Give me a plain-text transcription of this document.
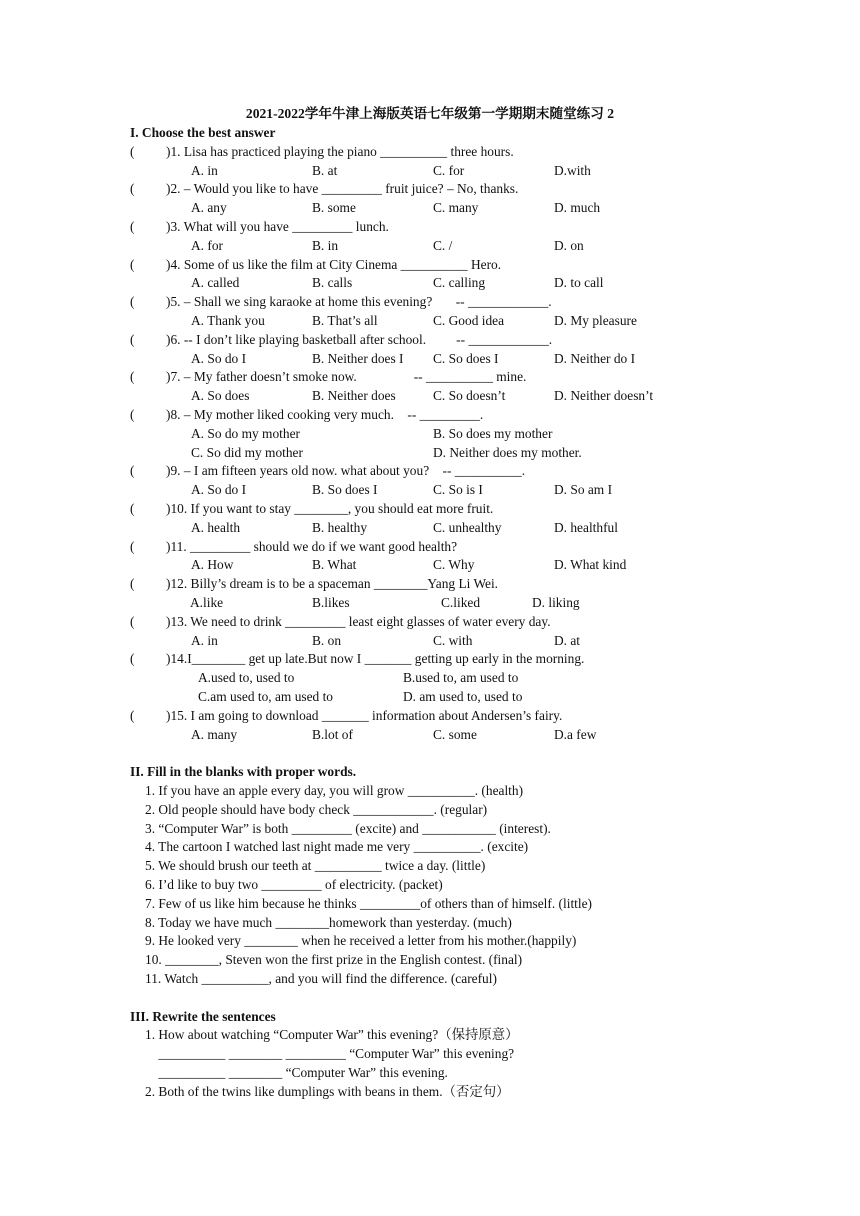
2021-2022学年牛津上海版英语七年级第一学期期末随堂练习 2
I. Choose the best answer
( )1. Lisa has practiced playing the piano __________ three hours.
A. in	B. at	C. for	D.with
( )2. – Would you like to have _________ fruit juice? – No, thanks.
A. any	B. some	C. many	D. much
( )3. What will you have _________ lunch.
A. for	B. in	C. /	D. on
( )4. Some of us like the film at City Cinema __________ Hero.
A. called	B. calls	C. calling	D. to call
( )5. – Shall we sing karaoke at home this evening?       -- ____________.
A. Thank you	B. That’s all	C. Good idea	D. My pleasure
( )6. -- I don’t like playing basketball after school.         -- ____________.
A. So do I	B. Neither does I C. So does I	D. Neither do I
( )7. – My father doesn’t smoke now.                 -- __________ mine.
A. So does	B. Neither does	C. So doesn’t	D. Neither doesn’t
( )8. – My mother liked cooking very much.    -- _________.
A. So do my mother	B. So does my mother
C. So did my mother	D. Neither does my mother.
( )9. – I am fifteen years old now. what about you?    -- __________.
A. So do I	B. So does I	C. So is I	D. So am I
( )10. If you want to stay ________, you should eat more fruit.
A. health	B. healthy	C. unhealthy	D. healthful
( )11. _________ should we do if we want good health?
A. How	B. What	C. Why	D. What kind
( )12. Billy’s dream is to be a spaceman ________Yang Li Wei.
A.like	B.likes	C.liked	D. liking
( )13. We need to drink _________ least eight glasses of water every day.
A. in	B. on	C. with	D. at
( )14.I________ get up late.But now I _______ getting up early in the morning.
A.used to, used to	B.used to, am used to
C.am used to, am used to	D. am used to, used to
( )15. I am going to download _______ information about Andersen’s fairy.
A. many	B.lot of	C. some	D.a few
II. Fill in the blanks with proper words.
1. If you have an apple every day, you will grow __________. (health)
2. Old people should have body check ____________. (regular)
3. “Computer War” is both _________ (excite) and ___________ (interest).
4. The cartoon I watched last night made me very __________. (excite)
5. We should brush our teeth at __________ twice a day. (little)
6. I’d like to buy two _________ of electricity. (packet)
7. Few of us like him because he thinks _________of others than of himself. (little)
8. Today we have much ________homework than yesterday. (much)
9. He looked very ________ when he received a letter from his mother.(happily)
10. ________, Steven won the first prize in the English contest. (final)
11. Watch __________, and you will find the difference. (careful)
III. Rewrite the sentences
1. How about watching “Computer War” this evening?（保持原意）
__________ ________ _________ “Computer War” this evening?
__________ ________ “Computer War” this evening.
2. Both of the twins like dumplings with beans in them.（否定句）
